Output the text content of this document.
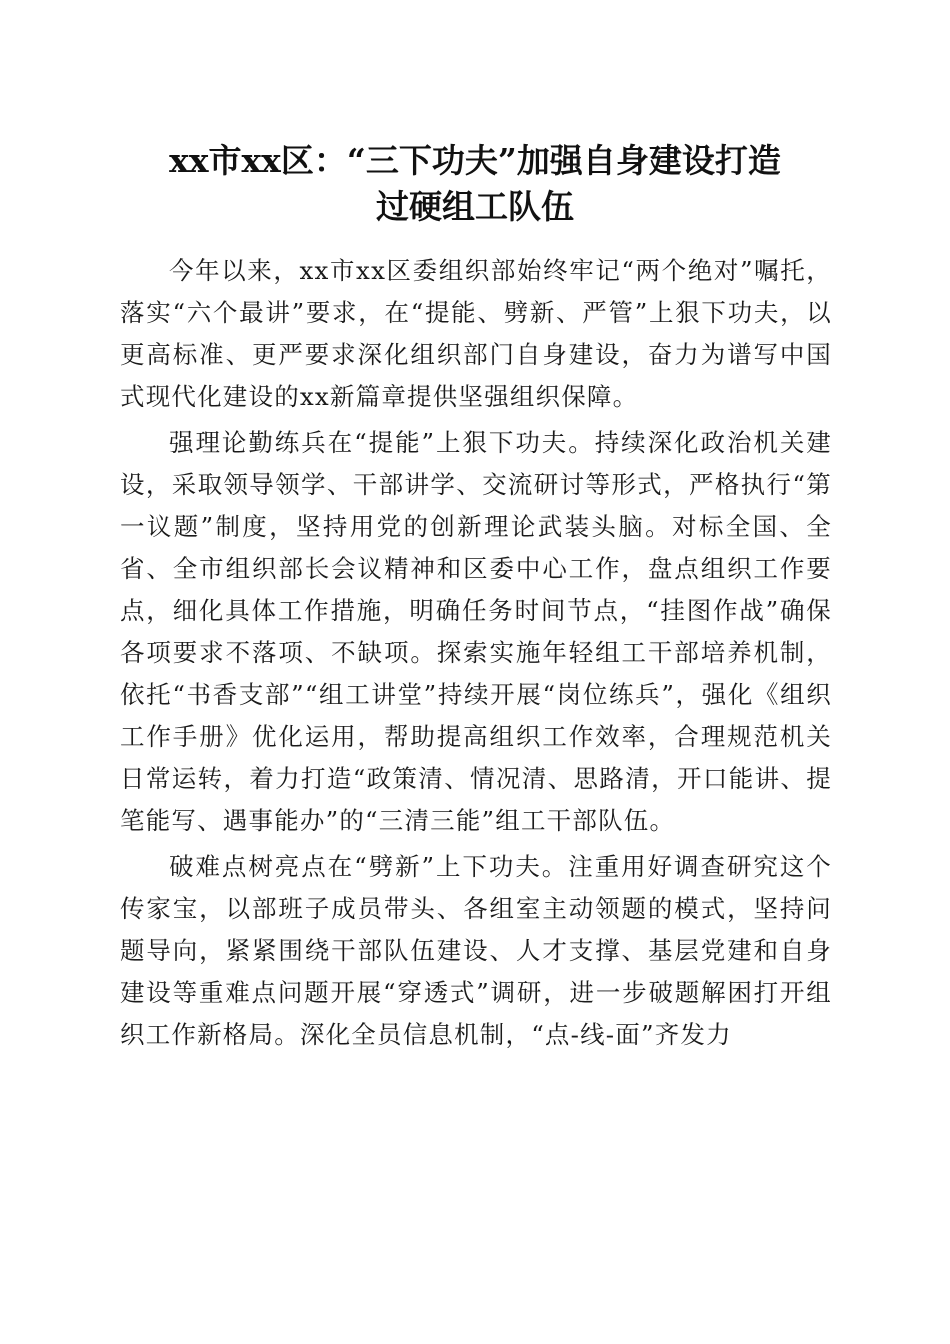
xx市xx区：“三下功夫”加强自身建设打造
过硬组工队伍

今年以来，xx市xx区委组织部始终牢记“两个绝对”嘱托，落实“六个最讲”要求，在“提能、劈新、严管”上狠下功夫，以更高标准、更严要求深化组织部门自身建设，奋力为谱写中国式现代化建设的xx新篇章提供坚强组织保障。

强理论勤练兵在“提能”上狠下功夫。持续深化政治机关建设，采取领导领学、干部讲学、交流研讨等形式，严格执行“第一议题”制度，坚持用党的创新理论武装头脑。对标全国、全省、全市组织部长会议精神和区委中心工作，盘点组织工作要点，细化具体工作措施，明确任务时间节点，“挂图作战”确保各项要求不落项、不缺项。探索实施年轻组工干部培养机制，依托“书香支部”“组工讲堂”持续开展“岗位练兵”，强化《组织工作手册》优化运用，帮助提高组织工作效率，合理规范机关日常运转，着力打造“政策清、情况清、思路清，开口能讲、提笔能写、遇事能办”的“三清三能”组工干部队伍。

破难点树亮点在“劈新”上下功夫。注重用好调查研究这个传家宝，以部班子成员带头、各组室主动领题的模式，坚持问题导向，紧紧围绕干部队伍建设、人才支撑、基层党建和自身建设等重难点问题开展“穿透式”调研，进一步破题解困打开组织工作新格局。深化全员信息机制，“点-线-面”齐发力
